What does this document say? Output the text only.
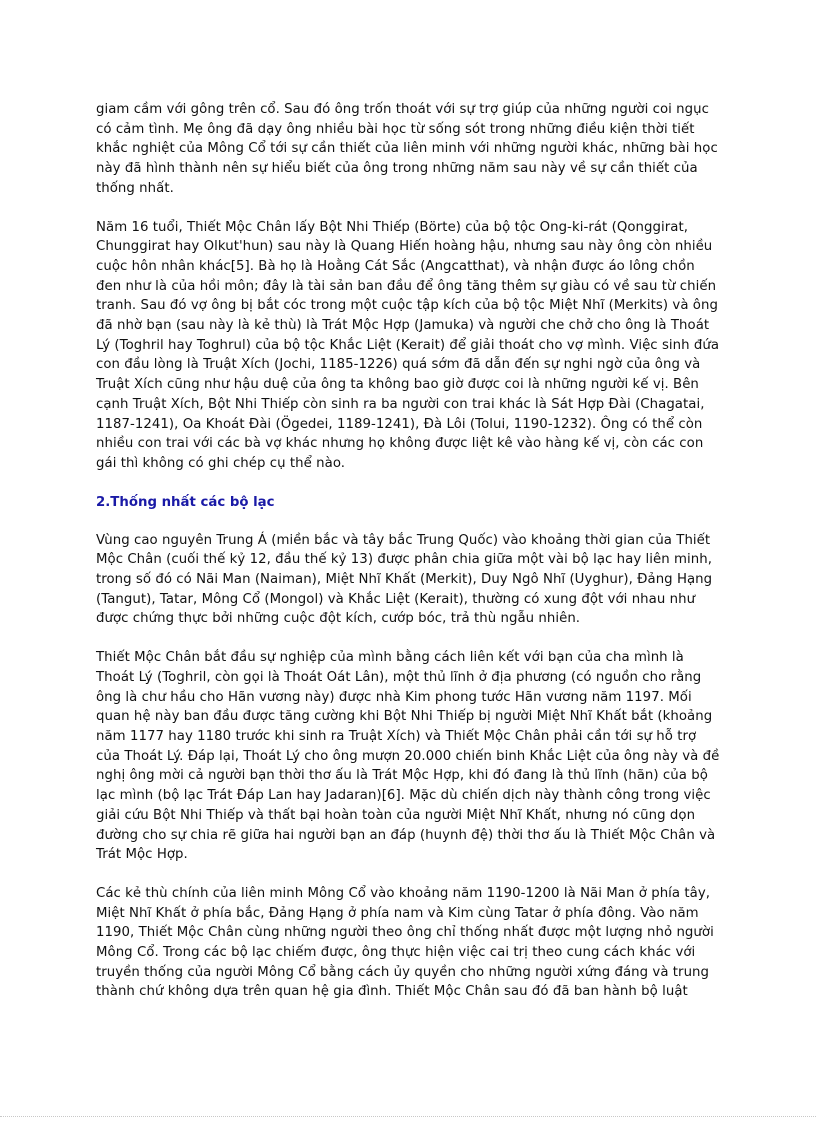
giam cầm với gông trên cổ. Sau đó ông trốn thoát với sự trợ giúp của những người coi ngục có cảm tình. Mẹ ông đã dạy ông nhiều bài học từ sống sót trong những điều kiện thời tiết khắc nghiệt của Mông Cổ tới sự cần thiết của liên minh với những người khác, những bài học này đã hình thành nên sự hiểu biết của ông trong những năm sau này về sự cần thiết của thống nhất.

Năm 16 tuổi, Thiết Mộc Chân lấy Bột Nhi Thiếp (Börte) của bộ tộc Ong-ki-rát (Qonggirat, Chunggirat hay Olkut'hun) sau này là Quang Hiến hoàng hậu, nhưng sau này ông còn nhiều cuộc hôn nhân khác[5]. Bà họ là Hoằng Cát Sắc (Angcatthat), và nhận được áo lông chồn đen như là của hồi môn; đây là tài sản ban đầu để ông tăng thêm sự giàu có về sau từ chiến tranh. Sau đó vợ ông bị bắt cóc trong một cuộc tập kích của bộ tộc Miệt Nhĩ (Merkits) và ông đã nhờ bạn (sau này là kẻ thù) là Trát Mộc Hợp (Jamuka) và người che chở cho ông là Thoát Lý (Toghril hay Toghrul) của bộ tộc Khắc Liệt (Kerait) để giải thoát cho vợ mình. Việc sinh đứa con đầu lòng là Truật Xích (Jochi, 1185-1226) quá sớm đã dẫn đến sự nghi ngờ của ông và Truật Xích cũng như hậu duệ của ông ta không bao giờ được coi là những người kế vị. Bên cạnh Truật Xích, Bột Nhi Thiếp còn sinh ra ba người con trai khác là Sát Hợp Đài (Chagatai, 1187-1241), Oa Khoát Đài (Ögedei, 1189-1241), Đà Lôi (Tolui, 1190-1232). Ông có thể còn nhiều con trai với các bà vợ khác nhưng họ không được liệt kê vào hàng kế vị, còn các con gái thì không có ghi chép cụ thể nào.

2.Thống nhất các bộ lạc

Vùng cao nguyên Trung Á (miền bắc và tây bắc Trung Quốc) vào khoảng thời gian của Thiết Mộc Chân (cuối thế kỷ 12, đầu thế kỷ 13) được phân chia giữa một vài bộ lạc hay liên minh, trong số đó có Nãi Man (Naiman), Miệt Nhĩ Khất (Merkit), Duy Ngô Nhĩ (Uyghur), Đảng Hạng (Tangut), Tatar, Mông Cổ (Mongol) và Khắc Liệt (Kerait), thường có xung đột với nhau như được chứng thực bởi những cuộc đột kích, cướp bóc, trả thù ngẫu nhiên.

Thiết Mộc Chân bắt đầu sự nghiệp của mình bằng cách liên kết với bạn của cha mình là Thoát Lý (Toghril, còn gọi là Thoát Oát Lân), một thủ lĩnh ở địa phương (có nguồn cho rằng ông là chư hầu cho Hãn vương này) được nhà Kim phong tước Hãn vương năm 1197. Mối quan hệ này ban đầu được tăng cường khi Bột Nhi Thiếp bị người Miệt Nhĩ Khất bắt (khoảng năm 1177 hay 1180 trước khi sinh ra Truật Xích) và Thiết Mộc Chân phải cần tới sự hỗ trợ của Thoát Lý. Đáp lại, Thoát Lý cho ông mượn 20.000 chiến binh Khắc Liệt của ông này và đề nghị ông mời cả người bạn thời thơ ấu là Trát Mộc Hợp, khi đó đang là thủ lĩnh (hãn) của bộ lạc mình (bộ lạc Trát Đáp Lan hay Jadaran)[6]. Mặc dù chiến dịch này thành công trong việc giải cứu Bột Nhi Thiếp và thất bại hoàn toàn của người Miệt Nhĩ Khất, nhưng nó cũng dọn đường cho sự chia rẽ giữa hai người bạn an đáp (huynh đệ) thời thơ ấu là Thiết Mộc Chân và Trát Mộc Hợp.

Các kẻ thù chính của liên minh Mông Cổ vào khoảng năm 1190-1200 là Nãi Man ở phía tây, Miệt Nhĩ Khất ở phía bắc, Đảng Hạng ở phía nam và Kim cùng Tatar ở phía đông. Vào năm 1190, Thiết Mộc Chân cùng những người theo ông chỉ thống nhất được một lượng nhỏ người Mông Cổ. Trong các bộ lạc chiếm được, ông thực hiện việc cai trị theo cung cách khác với truyền thống của người Mông Cổ bằng cách ủy quyền cho những người xứng đáng và trung thành chứ không dựa trên quan hệ gia đình. Thiết Mộc Chân sau đó đã ban hành bộ luật
